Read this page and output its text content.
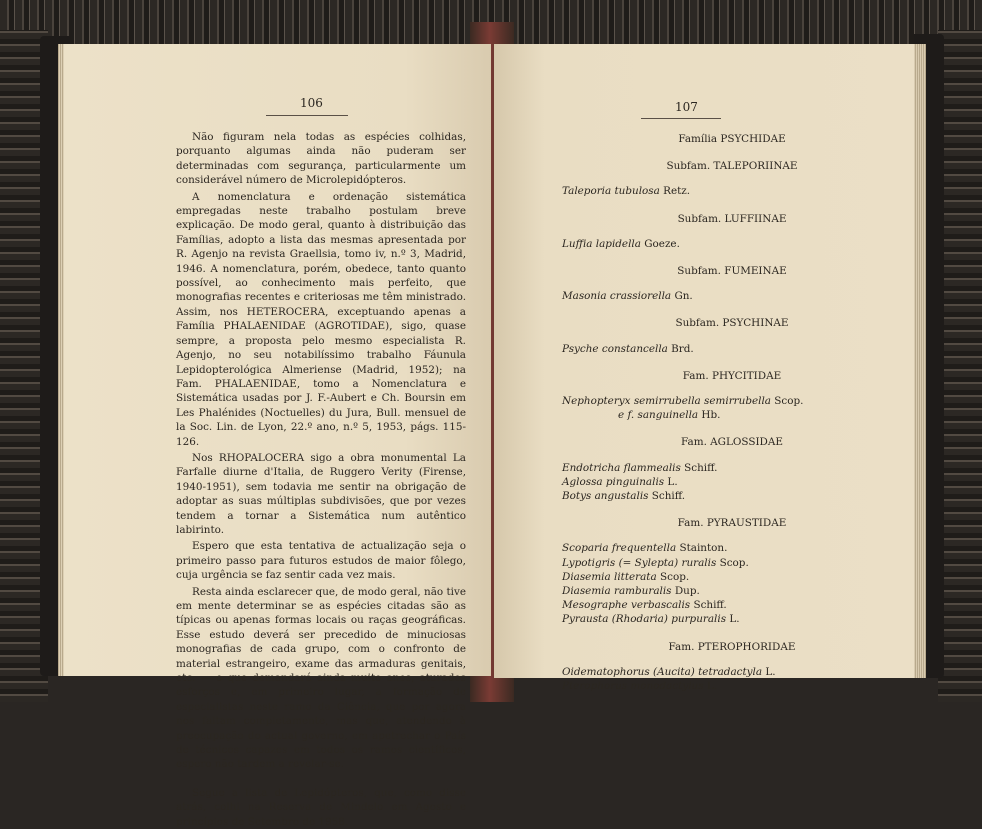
106

Não figuram nela todas as espécies colhidas, porquanto algumas ainda não puderam ser determinadas com segurança, particularmente um considerável número de Microlepidópteros.

A nomenclatura e ordenação sistemática empregadas neste trabalho postulam breve explicação. De modo geral, quanto à distribuição das Famílias, adopto a lista das mesmas apresentada por R. Agenjo na revista Graellsia, tomo iv, n.º 3, Madrid, 1946. A nomenclatura, porém, obedece, tanto quanto possível, ao conhecimento mais perfeito, que monografias recentes e criteriosas me têm ministrado. Assim, nos HETEROCERA, exceptuando apenas a Família PHALAENIDAE (AGROTIDAE), sigo, quase sempre, a proposta pelo mesmo especialista R. Agenjo, no seu notabilíssimo trabalho Fáunula Lepidopterológica Almeriense (Madrid, 1952); na Fam. PHALAENIDAE, tomo a Nomenclatura e Sistemática usadas por J. F.-Aubert e Ch. Boursin em Les Phalénides (Noctuelles) du Jura, Bull. mensuel de la Soc. Lin. de Lyon, 22.º ano, n.º 5, 1953, págs. 115-126.

Nos RHOPALOCERA sigo a obra monumental La Farfalle diurne d'Italia, de Ruggero Verity (Firense, 1940-1951), sem todavia me sentir na obrigação de adoptar as suas múltiplas subdivisões, que por vezes tendem a tornar a Sistemática num autêntico labirinto.

Espero que esta tentativa de actualização seja o primeiro passo para futuros estudos de maior fôlego, cuja urgência se faz sentir cada vez mais.

Resta ainda esclarecer que, de modo geral, não tive em mente determinar se as espécies citadas são as típicas ou apenas formas locais ou raças geográficas. Esse estudo deverá ser precedido de minuciosas monografias de cada grupo, com o confronto de material estrangeiro, exame das armaduras genitais, etc. — o que demandará ainda muito anos, aturados esforços e, em primeiro lugar, a formação de especialistas neste ramo da Ciência, que por agora nos faltam completamente, mas que, atendendo à preocupação do actual governo, em apetrechar o País de técnicos capazes em todos os ramos científicos, espero não tardem a revelar-se.

Segue a lista de Lepidópteros, que, como disse atrás, colhi na Reserva de Mindelo em Agosto e princípios de Setembro de 1958.

107

Família PSYCHIDAE

Subfam. TALEPORIINAE

Taleporia tubulosa Retz.

Subfam. LUFFIINAE

Luffia lapidella Goeze.

Subfam. FUMEINAE

Masonia crassiorella Gn.

Subfam. PSYCHINAE

Psyche constancella Brd.

Fam. PHYCITIDAE

Nephopteryx semirrubella semirrubella Scop.

e f. sanguinella Hb.

Fam. AGLOSSIDAE

Endotricha flammealis Schiff.

Aglossa pinguinalis L.

Botys angustalis Schiff.

Fam. PYRAUSTIDAE

Scoparia frequentella Stainton.

Lypotigris (= Sylepta) ruralis Scop.

Diasemia litterata Scop.

Diasemia ramburalis Dup.

Mesographe verbascalis Schiff.

Pyrausta (Rhodaria) purpuralis L.

Fam. PTEROPHORIDAE

Oidematophorus (Aucita) tetradactyla L.

Pterophorus monodactylus L.
